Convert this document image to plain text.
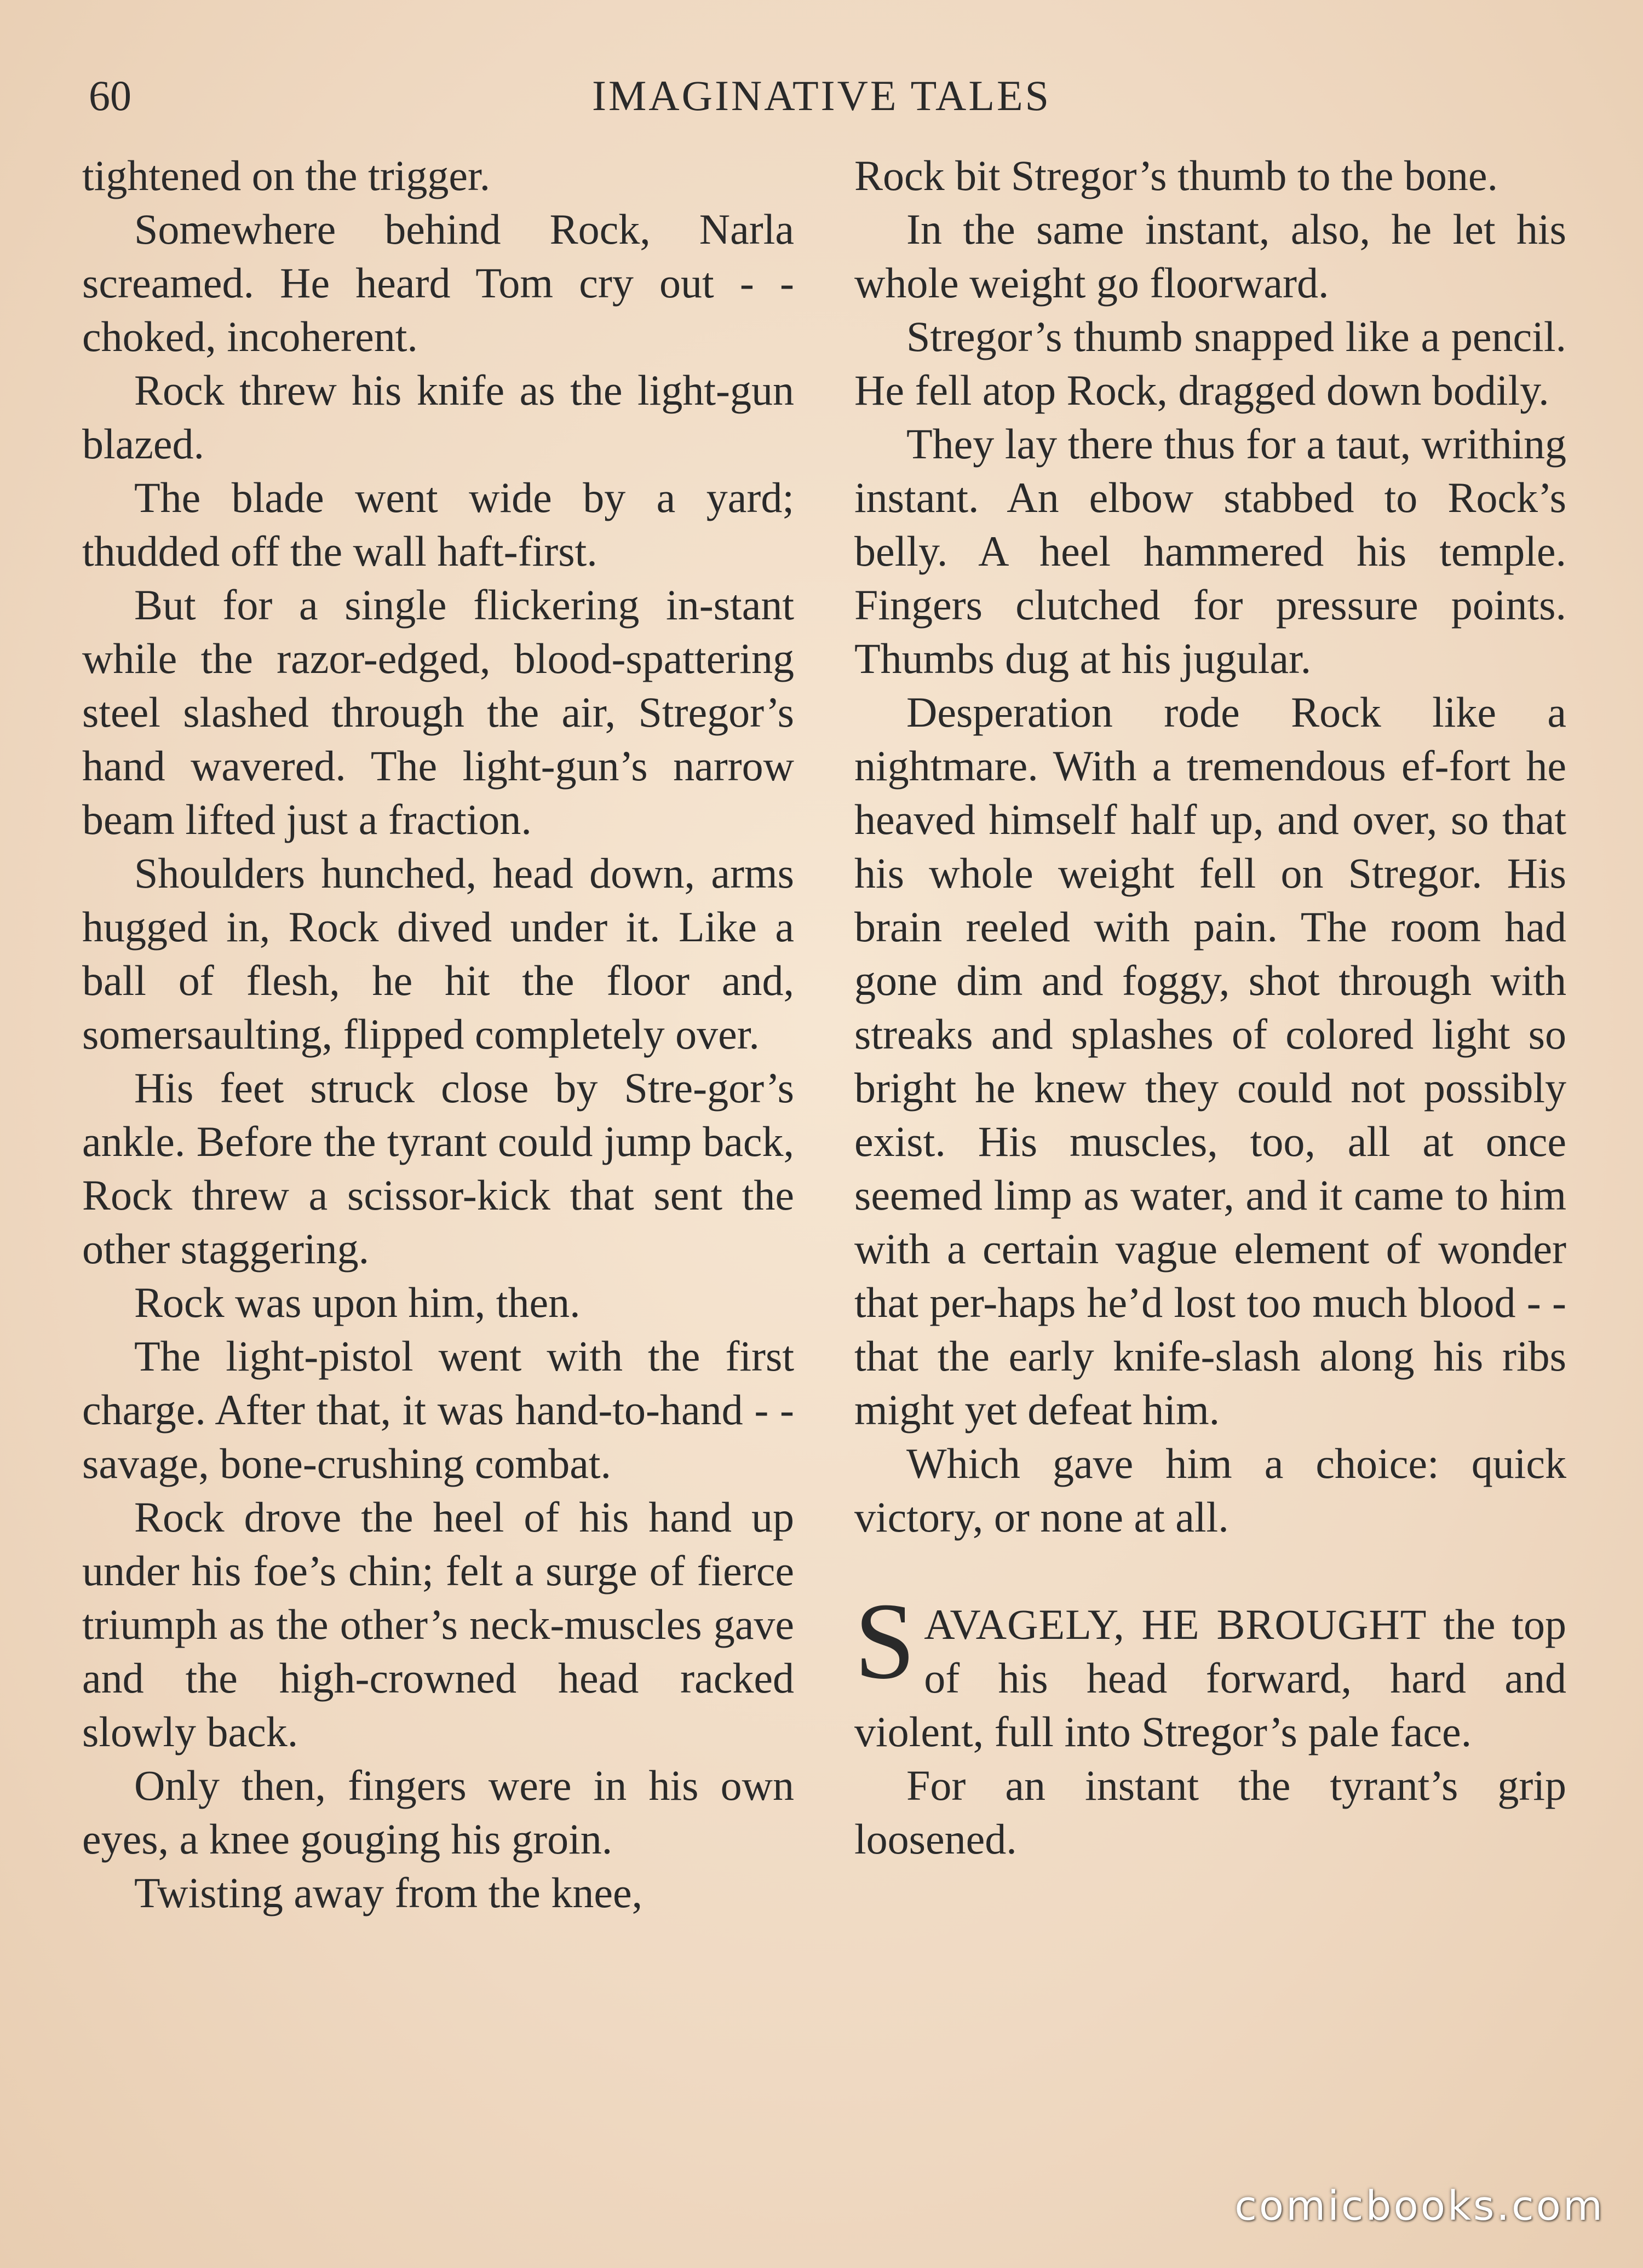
60	IMAGINATIVE TALES

tightened on the trigger.

Somewhere behind Rock, Narla screamed. He heard Tom cry out - - choked, incoherent.

Rock threw his knife as the light-gun blazed.

The blade went wide by a yard; thudded off the wall haft-first.

But for a single flickering in-stant while the razor-edged, blood-spattering steel slashed through the air, Stregor’s hand wavered. The light-gun’s narrow beam lifted just a fraction.

Shoulders hunched, head down, arms hugged in, Rock dived under it. Like a ball of flesh, he hit the floor and, somersaulting, flipped completely over.

His feet struck close by Stre-gor’s ankle. Before the tyrant could jump back, Rock threw a scissor-kick that sent the other staggering.

Rock was upon him, then.

The light-pistol went with the first charge. After that, it was hand-to-hand - - savage, bone-crushing combat.

Rock drove the heel of his hand up under his foe’s chin; felt a surge of fierce triumph as the other’s neck-muscles gave and the high-crowned head racked slowly back.

Only then, fingers were in his own eyes, a knee gouging his groin.

Twisting away from the knee,

Rock bit Stregor’s thumb to the bone.

In the same instant, also, he let his whole weight go floorward.

Stregor’s thumb snapped like a pencil. He fell atop Rock, dragged down bodily.

They lay there thus for a taut, writhing instant. An elbow stabbed to Rock’s belly. A heel hammered his temple. Fingers clutched for pressure points. Thumbs dug at his jugular.

Desperation rode Rock like a nightmare. With a tremendous ef-fort he heaved himself half up, and over, so that his whole weight fell on Stregor. His brain reeled with pain. The room had gone dim and foggy, shot through with streaks and splashes of colored light so bright he knew they could not possibly exist. His muscles, too, all at once seemed limp as water, and it came to him with a certain vague element of wonder that per-haps he’d lost too much blood - - that the early knife-slash along his ribs might yet defeat him.

Which gave him a choice: quick victory, or none at all.

SAVAGELY, HE BROUGHT the top of his head forward, hard and violent, full into Stregor’s pale face.

For an instant the tyrant’s grip loosened.

comicbooks.com
